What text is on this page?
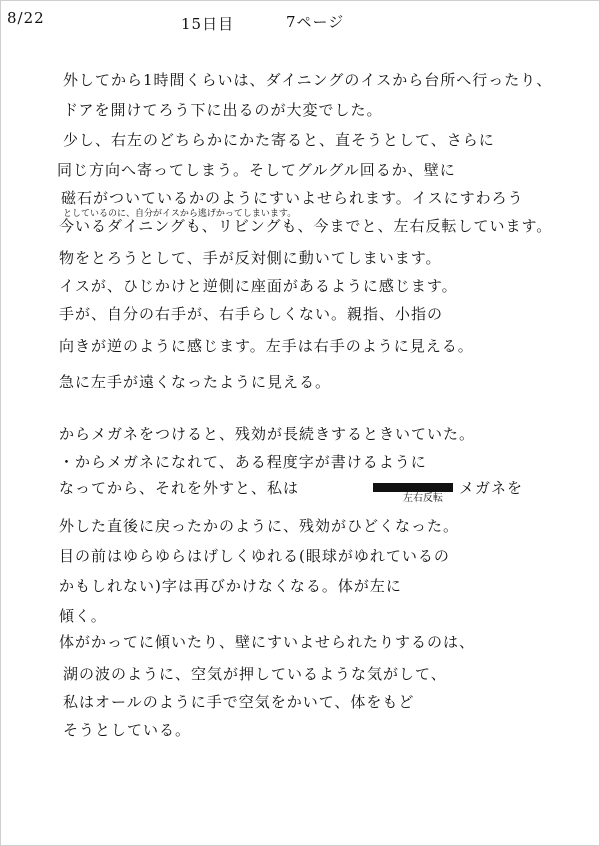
8/22	15日目	7ページ
外してから1時間くらいは、ダイニングのイスから台所へ行ったり、
ドアを開けてろう下に出るのが大変でした。
少し、右左のどちらかにかた寄ると、直そうとして、さらに
同じ方向へ寄ってしまう。そしてグルグル回るか、壁に
磁石がついているかのようにすいよせられます。イスにすわろう
としているのに、自分がイスから逃げかってしまいます。
今いるダイニングも、リビングも、今までと、左右反転しています。
物をとろうとして、手が反対側に動いてしまいます。
イスが、ひじかけと逆側に座面があるように感じます。
手が、自分の右手が、右手らしくない。親指、小指の
向きが逆のように感じます。左手は右手のように見える。
急に左手が遠くなったように見える。
からメガネをつけると、残効が長続きするときいていた。
・からメガネになれて、ある程度字が書けるように
なってから、それを外すと、私は
左右反転
メガネを
外した直後に戻ったかのように、残効がひどくなった。
目の前はゆらゆらはげしくゆれる(眼球がゆれているの
かもしれない)字は再びかけなくなる。体が左に
傾く。
体がかってに傾いたり、壁にすいよせられたりするのは、
湖の波のように、空気が押しているような気がして、
私はオールのように手で空気をかいて、体をもど
そうとしている。
